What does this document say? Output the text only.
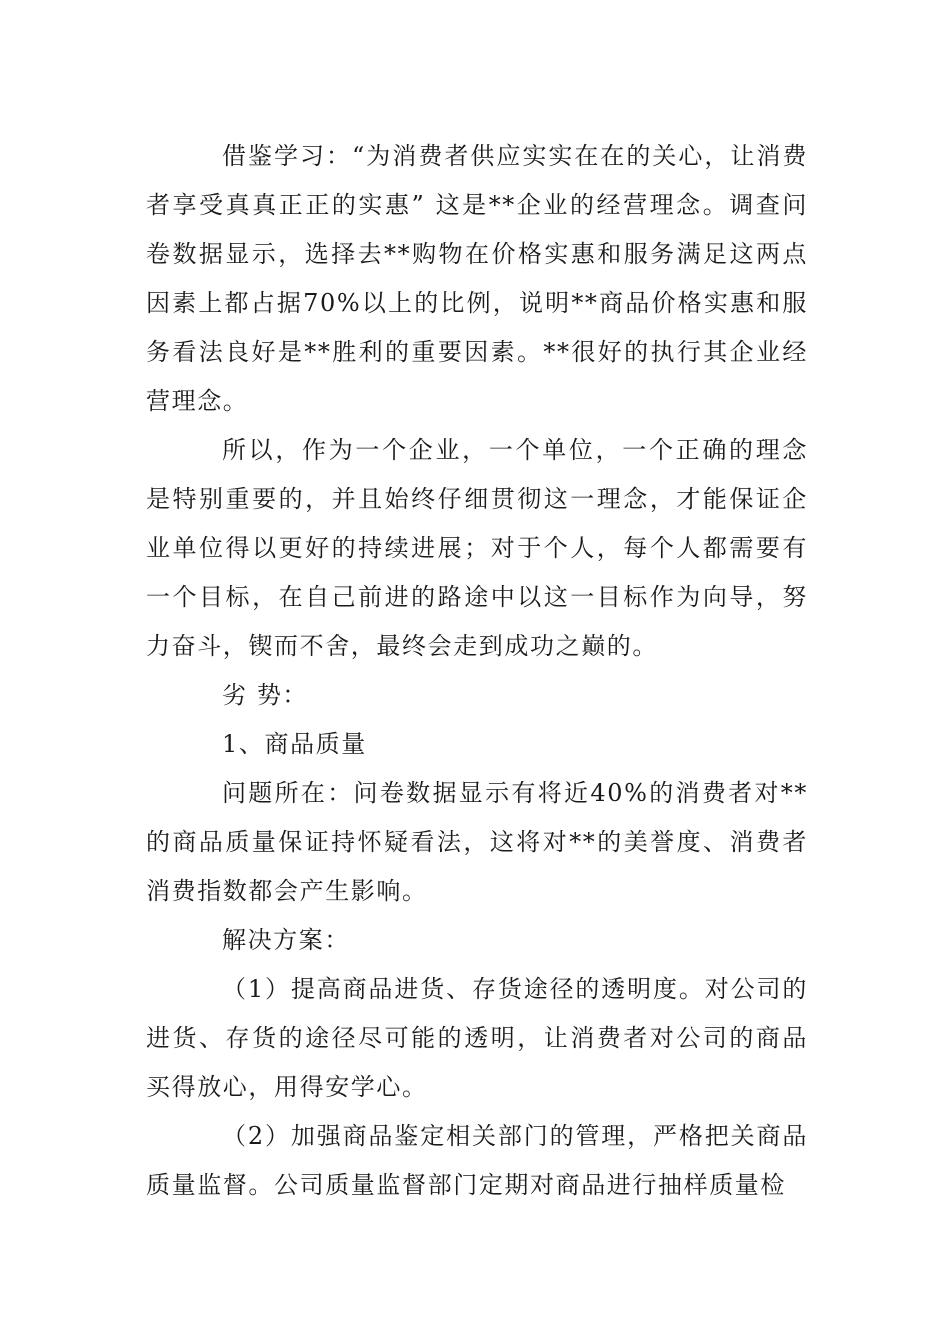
借鉴学习：“为消费者供应实实在在的关心，让消费者享受真真正正的实惠” 这是**企业的经营理念。调查问卷数据显示，选择去**购物在价格实惠和服务满足这两点因素上都占据70%以上的比例，说明**商品价格实惠和服务看法良好是**胜利的重要因素。**很好的执行其企业经营理念。

所以，作为一个企业，一个单位，一个正确的理念是特别重要的，并且始终仔细贯彻这一理念，才能保证企业单位得以更好的持续进展；对于个人，每个人都需要有一个目标，在自己前进的路途中以这一目标作为向导，努力奋斗，锲而不舍，最终会走到成功之巅的。

劣 势：

1、商品质量

问题所在：问卷数据显示有将近40%的消费者对**的商品质量保证持怀疑看法，这将对**的美誉度、消费者消费指数都会产生影响。

解决方案：

（1）提高商品进货、存货途径的透明度。对公司的进货、存货的途径尽可能的透明，让消费者对公司的商品买得放心，用得安学心。

（2）加强商品鉴定相关部门的管理，严格把关商品质量监督。公司质量监督部门定期对商品进行抽样质量检
